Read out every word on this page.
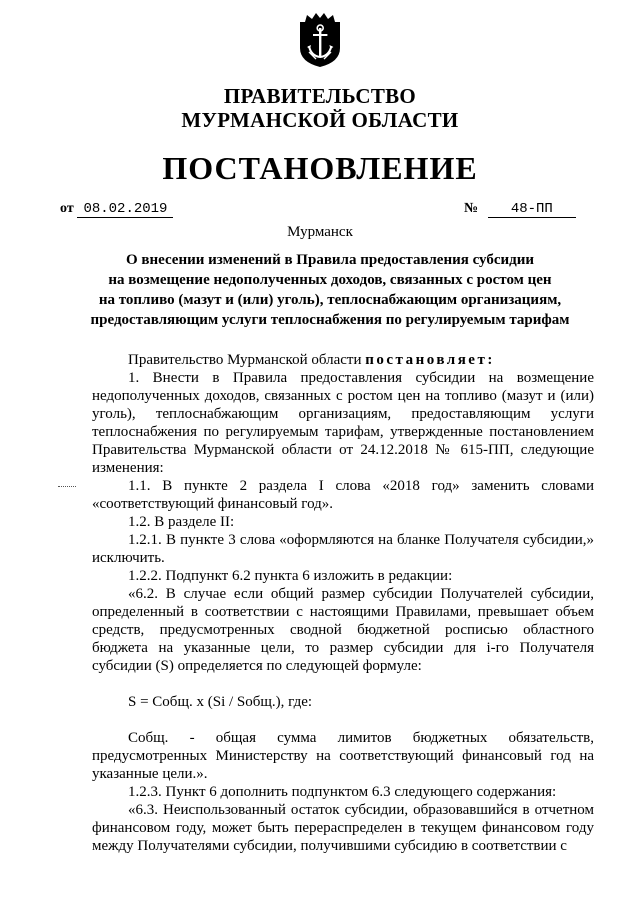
ПРАВИТЕЛЬСТВО
МУРМАНСКОЙ ОБЛАСТИ
ПОСТАНОВЛЕНИЕ
от 08.02.2019	№ 48-ПП
Мурманск
О внесении изменений в Правила предоставления субсидии
на возмещение недополученных доходов, связанных с ростом цен
на топливо (мазут и (или) уголь), теплоснабжающим организациям,
предоставляющим услуги теплоснабжения по регулируемым тарифам

Правительство Мурманской области постановляет:

1. Внести в Правила предоставления субсидии на возмещение недополученных доходов, связанных с ростом цен на топливо (мазут и (или) уголь), теплоснабжающим организациям, предоставляющим услуги теплоснабжения по регулируемым тарифам, утвержденные постановлением Правительства Мурманской области от 24.12.2018 № 615-ПП, следующие изменения:

1.1. В пункте 2 раздела I слова «2018 год» заменить словами «соответствующий финансовый год».

1.2. В разделе II:

1.2.1. В пункте 3 слова «оформляются на бланке Получателя субсидии,» исключить.

1.2.2. Подпункт 6.2 пункта 6 изложить в редакции:

«6.2. В случае если общий размер субсидии Получателей субсидии, определенный в соответствии с настоящими Правилами, превышает объем средств, предусмотренных сводной бюджетной росписью областного бюджета на указанные цели, то размер субсидии для i-го Получателя субсидии (S) определяется по следующей формуле:

S = Собщ. x (Si / Sобщ.), где:

Собщ. - общая сумма лимитов бюджетных обязательств, предусмотренных Министерству на соответствующий финансовый год на указанные цели.».

1.2.3. Пункт 6 дополнить подпунктом 6.3 следующего содержания:

«6.3. Неиспользованный остаток субсидии, образовавшийся в отчетном финансовом году, может быть перераспределен в текущем финансовом году между Получателями субсидии, получившими субсидию в соответствии с
